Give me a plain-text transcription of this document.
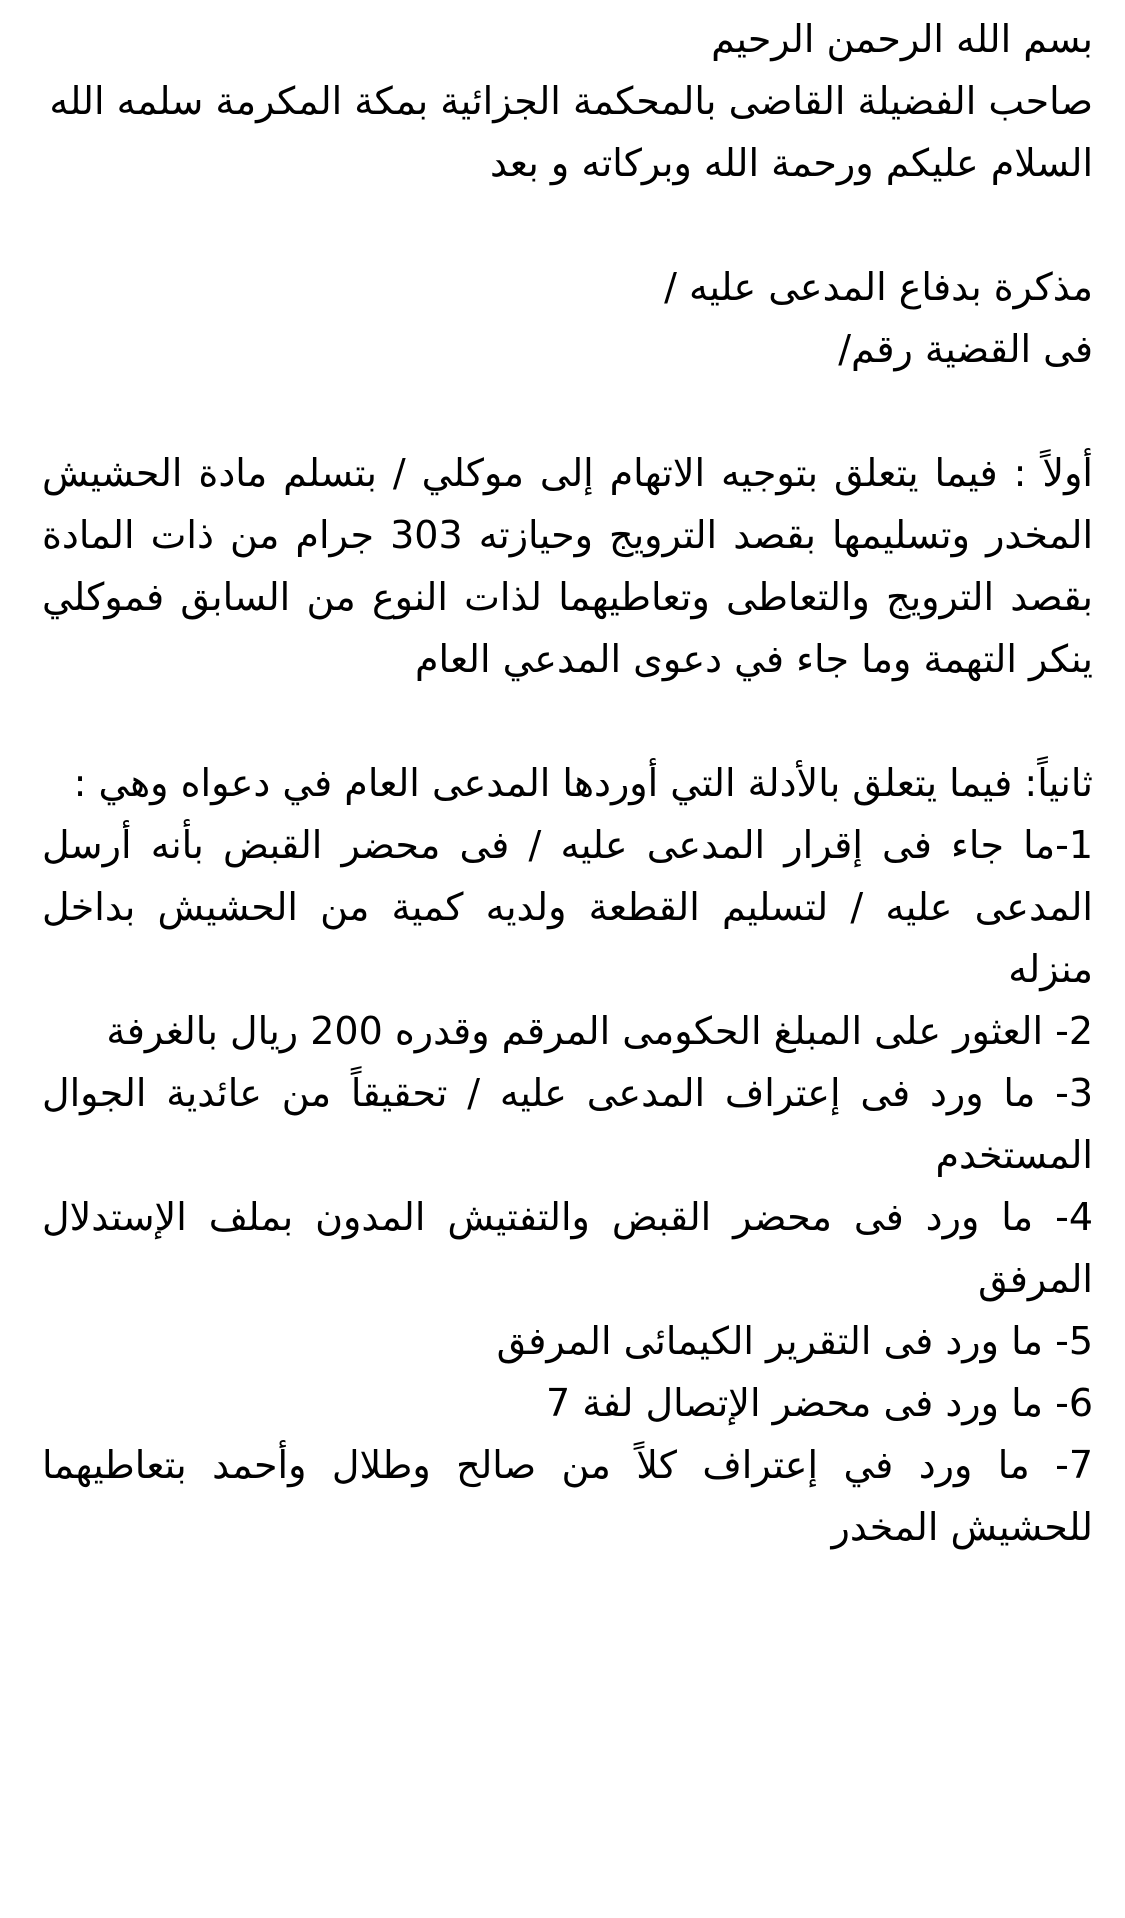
بسم الله الرحمن الرحيم

صاحب الفضيلة القاضى بالمحكمة الجزائية بمكة المكرمة سلمه الله

السلام عليكم ورحمة الله وبركاته و بعد

مذكرة بدفاع المدعى عليه /

فى القضية رقم/

أولاً : فيما يتعلق بتوجيه الاتهام إلى موكلي / بتسلم مادة الحشيش المخدر وتسليمها بقصد الترويج وحيازته 303 جرام من ذات المادة بقصد الترويج والتعاطى وتعاطيهما لذات النوع من السابق فموكلي ينكر التهمة وما جاء في دعوى المدعي العام

ثانياً: فيما يتعلق بالأدلة التي أوردها المدعى العام في دعواه وهي :

1-ما جاء فى إقرار المدعى عليه / فى محضر القبض بأنه أرسل المدعى عليه / لتسليم القطعة ولديه كمية من الحشيش بداخل منزله

2- العثور على المبلغ الحكومى المرقم وقدره 200 ريال بالغرفة

3- ما ورد فى إعتراف المدعى عليه / تحقيقاً من عائدية الجوال المستخدم

4- ما ورد فى محضر القبض والتفتيش المدون بملف الإستدلال المرفق

5- ما ورد فى التقرير الكيمائى المرفق

6- ما ورد فى محضر الإتصال لفة 7

7- ما ورد في إعتراف كلاً من صالح وطلال وأحمد بتعاطيهما للحشيش المخدر
